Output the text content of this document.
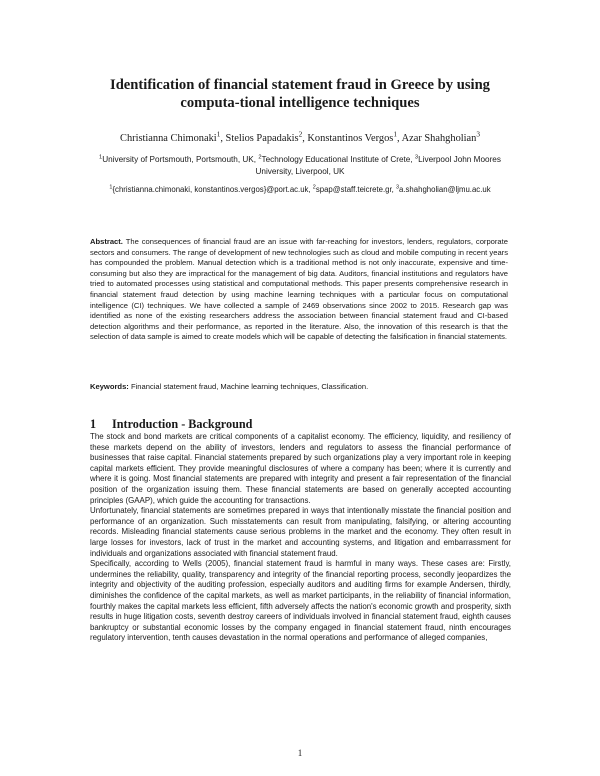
Identification of financial statement fraud in Greece by using computa-tional intelligence techniques
Christianna Chimonaki$^1$, Stelios Papadakis$^2$, Konstantinos Vergos$^1$, Azar Shahgholian$^3$
$^1$University of Portsmouth, Portsmouth, UK, $^2$Technology Educational Institute of Crete, $^3$Liverpool John Moores University, Liverpool, UK
$^1${christianna.chimonaki, konstantinos.vergos}@port.ac.uk, $^2$spap@staff.teicrete.gr, $^3$a.shahgholian@ljmu.ac.uk
Abstract. The consequences of financial fraud are an issue with far-reaching for investors, lenders, regulators, corporate sectors and consumers. The range of development of new technologies such as cloud and mobile computing in recent years has compounded the problem. Manual detection which is a traditional method is not only inaccurate, expensive and time-consuming but also they are impractical for the management of big data. Auditors, financial institutions and regulators have tried to automated processes using statistical and computational methods. This paper presents comprehensive research in financial statement fraud detection by using machine learning techniques with a particular focus on computational intelligence (CI) techniques. We have collected a sample of 2469 observations since 2002 to 2015. Research gap was identified as none of the existing researchers address the association between financial statement fraud and CI-based detection algorithms and their performance, as reported in the literature. Also, the innovation of this research is that the selection of data sample is aimed to create models which will be capable of detecting the falsification in financial statements.
Keywords: Financial statement fraud, Machine learning techniques, Classification.
1 Introduction - Background

The stock and bond markets are critical components of a capitalist economy. The efficiency, liquidity, and resiliency of these markets depend on the ability of investors, lenders and regulators to assess the financial performance of businesses that raise capital. Financial statements prepared by such organizations play a very important role in keeping capital markets efficient. They provide meaningful disclosures of where a company has been; where it is currently and where it is going. Most financial statements are prepared with integrity and present a fair representation of the financial position of the organization issuing them. These financial statements are based on generally accepted accounting principles (GAAP), which guide the accounting for transactions.

Unfortunately, financial statements are sometimes prepared in ways that intentionally misstate the financial position and performance of an organization. Such misstatements can result from manipulating, falsifying, or altering accounting records. Misleading financial statements cause serious problems in the market and the economy. They often result in large losses for investors, lack of trust in the market and accounting systems, and litigation and embarrassment for individuals and organizations associated with financial statement fraud.

Specifically, according to Wells (2005), financial statement fraud is harmful in many ways. These cases are: Firstly, undermines the reliability, quality, transparency and integrity of the financial reporting process, secondly jeopardizes the integrity and objectivity of the auditing profession, especially auditors and auditing firms for example Andersen, thirdly, diminishes the confidence of the capital markets, as well as market participants, in the reliability of financial information, fourthly makes the capital markets less efficient, fifth adversely affects the nation's economic growth and prosperity, sixth results in huge litigation costs, seventh destroy careers of individuals involved in financial statement fraud, eighth causes bankruptcy or substantial economic losses by the company engaged in financial statement fraud, ninth encourages regulatory intervention, tenth causes devastation in the normal operations and performance of alleged companies,

1
